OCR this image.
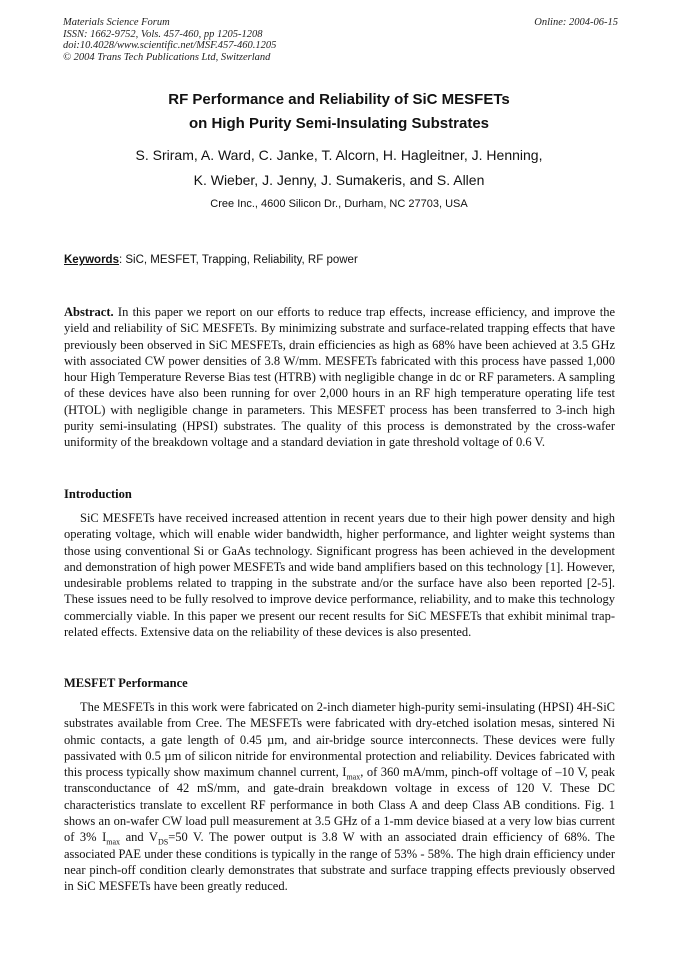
Materials Science Forum
ISSN: 1662-9752, Vols. 457-460, pp 1205-1208
doi:10.4028/www.scientific.net/MSF.457-460.1205
© 2004 Trans Tech Publications Ltd, Switzerland
Online: 2004-06-15
RF Performance and Reliability of SiC MESFETs
on High Purity Semi-Insulating Substrates
S. Sriram, A. Ward, C. Janke, T. Alcorn, H. Hagleitner, J. Henning,
K. Wieber, J. Jenny, J. Sumakeris, and S. Allen
Cree Inc., 4600 Silicon Dr., Durham, NC 27703, USA
Keywords: SiC, MESFET, Trapping, Reliability, RF power
Abstract. In this paper we report on our efforts to reduce trap effects, increase efficiency, and improve the yield and reliability of SiC MESFETs. By minimizing substrate and surface-related trapping effects that have previously been observed in SiC MESFETs, drain efficiencies as high as 68% have been achieved at 3.5 GHz with associated CW power densities of 3.8 W/mm. MESFETs fabricated with this process have passed 1,000 hour High Temperature Reverse Bias test (HTRB) with negligible change in dc or RF parameters. A sampling of these devices have also been running for over 2,000 hours in an RF high temperature operating life test (HTOL) with negligible change in parameters. This MESFET process has been transferred to 3-inch high purity semi-insulating (HPSI) substrates. The quality of this process is demonstrated by the cross-wafer uniformity of the breakdown voltage and a standard deviation in gate threshold voltage of 0.6 V.
Introduction
SiC MESFETs have received increased attention in recent years due to their high power density and high operating voltage, which will enable wider bandwidth, higher performance, and lighter weight systems than those using conventional Si or GaAs technology. Significant progress has been achieved in the development and demonstration of high power MESFETs and wide band amplifiers based on this technology [1]. However, undesirable problems related to trapping in the substrate and/or the surface have also been reported [2-5]. These issues need to be fully resolved to improve device performance, reliability, and to make this technology commercially viable. In this paper we present our recent results for SiC MESFETs that exhibit minimal trap-related effects. Extensive data on the reliability of these devices is also presented.
MESFET Performance
The MESFETs in this work were fabricated on 2-inch diameter high-purity semi-insulating (HPSI) 4H-SiC substrates available from Cree. The MESFETs were fabricated with dry-etched isolation mesas, sintered Ni ohmic contacts, a gate length of 0.45 µm, and air-bridge source interconnects. These devices were fully passivated with 0.5 µm of silicon nitride for environmental protection and reliability. Devices fabricated with this process typically show maximum channel current, $I_{max}$, of 360 mA/mm, pinch-off voltage of –10 V, peak transconductance of 42 mS/mm, and gate-drain breakdown voltage in excess of 120 V. These DC characteristics translate to excellent RF performance in both Class A and deep Class AB conditions. Fig. 1 shows an on-wafer CW load pull measurement at 3.5 GHz of a 1-mm device biased at a very low bias current of 3% $I_{max}$ and $V_{DS}=50$ V. The power output is 3.8 W with an associated drain efficiency of 68%. The associated PAE under these conditions is typically in the range of 53% - 58%. The high drain efficiency under near pinch-off condition clearly demonstrates that substrate and surface trapping effects previously observed in SiC MESFETs have been greatly reduced.
